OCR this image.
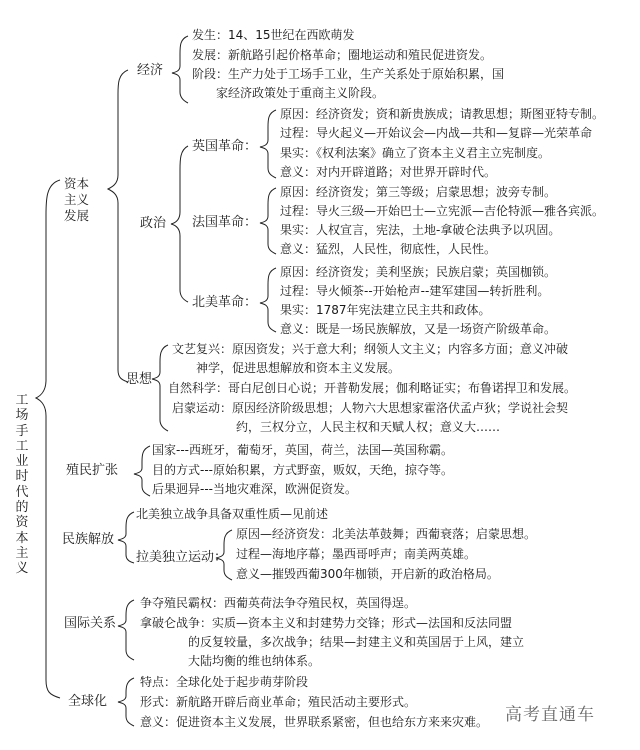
工场手工业时代的资本主义
资本主义发展
经济
发生：14、15世纪在西欧萌发
发展：新航路引起价格革命；圈地运动和殖民促进资发。
阶段：生产力处于工场手工业，生产关系处于原始积累，国
家经济政策处于重商主义阶段。
政治
英国革命：
原因：经济资发；资和新贵族成；请教思想；斯图亚特专制。
过程：导火起义—开始议会—内战—共和—复辟—光荣革命
果实：《权利法案》确立了资本主义君主立宪制度。
意义：对内开辟道路；对世界开辟时代。
法国革命：
原因：经济资发；第三等级；启蒙思想；波旁专制。
过程：导火三级—开始巴士—立宪派—吉伦特派—雅各宾派。
果实：人权宣言，宪法，土地-拿破仑法典予以巩固。
意义：猛烈，人民性，彻底性，人民性。
北美革命：
原因：经济资发；美利坚族；民族启蒙；英国枷锁。
过程：导火倾茶--开始枪声--建军建国—转折胜利。
果实：1787年宪法建立民主共和政体。
意义：既是一场民族解放，又是一场资产阶级革命。
思想
文艺复兴：原因资发；兴于意大利；纲领人文主义；内容多方面；意义冲破
神学，促进思想解放和资本主义发展。
自然科学：哥白尼创日心说；开普勒发展；伽利略证实；布鲁诺捍卫和发展。
启蒙运动：原因经济阶级思想；人物六大思想家霍洛伏孟卢狄；学说社会契
约，三权分立，人民主权和天赋人权；意义大……
殖民扩张
国家---西班牙，葡萄牙，英国，荷兰，法国—英国称霸。
目的方式---原始积累，方式野蛮，贩奴，天绝，掠夺等。
后果迥异---当地灾难深，欧洲促资发。
民族解放
北美独立战争具备双重性质—见前述
拉美独立运动：
原因—经济资发：北美法革鼓舞；西葡衰落；启蒙思想。
过程—海地序幕；墨西哥呼声；南美两英雄。
意义—摧毁西葡300年枷锁，开启新的政治格局。
国际关系
争夺殖民霸权：西葡英荷法争夺殖民权，英国得逞。
拿破仑战争：实质—资本主义和封建势力交锋；形式—法国和反法同盟
的反复较量，多次战争；结果—封建主义和英国居于上风，建立
大陆均衡的维也纳体系。
全球化
特点：全球化处于起步萌芽阶段
形式：新航路开辟后商业革命；殖民活动主要形式。
意义：促进资本主义发展，世界联系紧密，但也给东方来来灾难。 高考直通车
